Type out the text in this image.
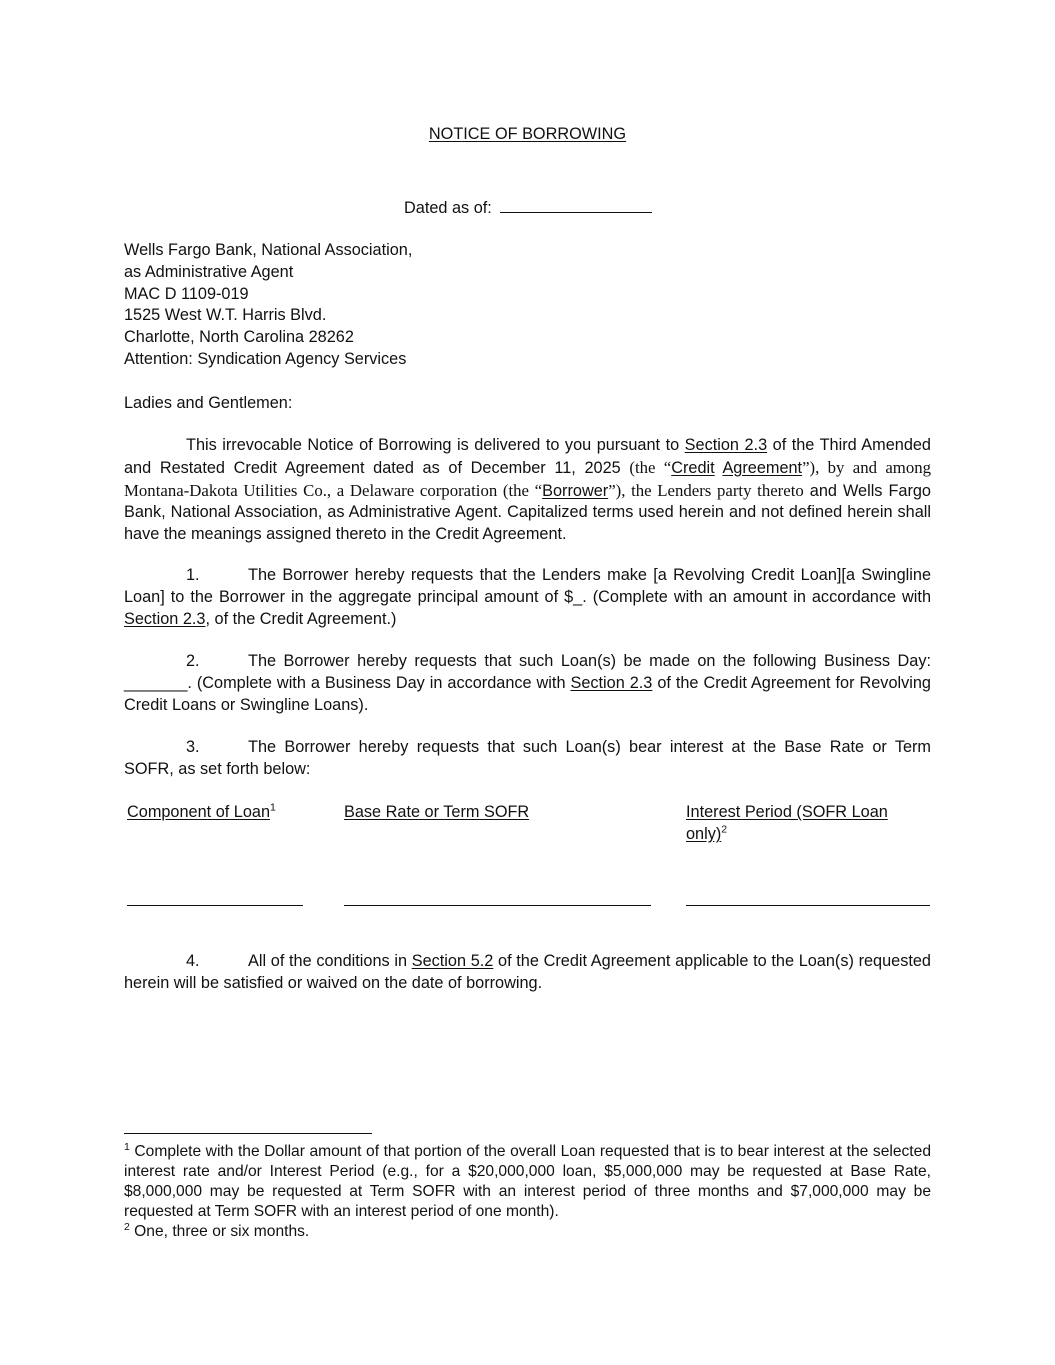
NOTICE OF BORROWING
Dated as of:
Wells Fargo Bank, National Association,
as Administrative Agent
MAC D 1109-019
1525 West W.T. Harris Blvd.
Charlotte, North Carolina 28262
Attention: Syndication Agency Services
Ladies and Gentlemen:
This irrevocable Notice of Borrowing is delivered to you pursuant to Section 2.3 of the Third Amended and Restated Credit Agreement dated as of December 11, 2025 (the “Credit Agreement”), by and among Montana-Dakota Utilities Co., a Delaware corporation (the “Borrower”), the Lenders party thereto and Wells Fargo Bank, National Association, as Administrative Agent. Capitalized terms used herein and not defined herein shall have the meanings assigned thereto in the Credit Agreement.
1.	The Borrower hereby requests that the Lenders make [a Revolving Credit Loan][a Swingline Loan] to the Borrower in the aggregate principal amount of $_. (Complete with an amount in accordance with Section 2.3, of the Credit Agreement.)
2.	The Borrower hereby requests that such Loan(s) be made on the following Business Day: _______. (Complete with a Business Day in accordance with Section 2.3 of the Credit Agreement for Revolving Credit Loans or Swingline Loans).
3.	The Borrower hereby requests that such Loan(s) bear interest at the Base Rate or Term SOFR, as set forth below:
Component of Loan$^1$	Base Rate or Term SOFR	Interest Period (SOFR Loan only)$^2$
4.	All of the conditions in Section 5.2 of the Credit Agreement applicable to the Loan(s) requested herein will be satisfied or waived on the date of borrowing.
$^1$ Complete with the Dollar amount of that portion of the overall Loan requested that is to bear interest at the selected interest rate and/or Interest Period (e.g., for a $20,000,000 loan, $5,000,000 may be requested at Base Rate, $8,000,000 may be requested at Term SOFR with an interest period of three months and $7,000,000 may be requested at Term SOFR with an interest period of one month).
$^2$ One, three or six months.
